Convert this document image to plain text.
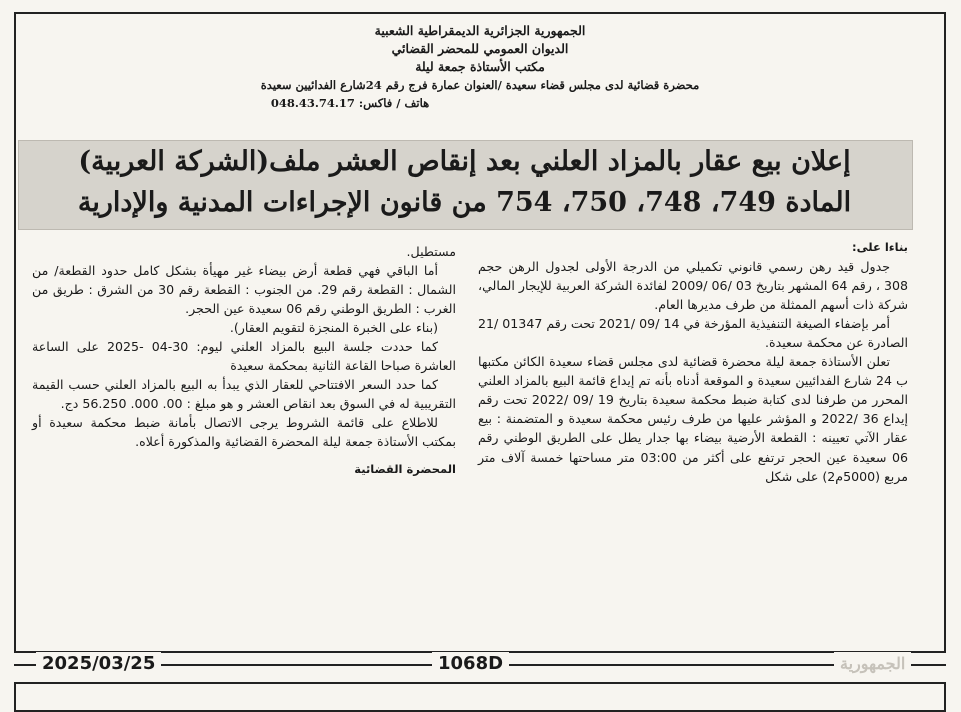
الجمهورية الجزائرية الديمقراطية الشعبية
الديوان العمومي للمحضر القضائي
مكتب الأستاذة جمعة ليلة
محضرة قضائية لدى مجلس قضاء سعيدة /العنوان عمارة فرج رقم 24شارع الفدائيين سعيدة
هاتف / فاكس: 048.43.74.17
إعلان بيع عقار بالمزاد العلني بعد إنقاص العشر ملف(الشركة العربية)
المادة 749، 748، 750، 754 من قانون الإجراءات المدنية والإدارية

بناءا على:

جدول قيد رهن رسمي قانوني تكميلي من الدرجة الأولى لجدول الرهن حجم 308 ، رقم 64 المشهر بتاريخ 03 /06 /2009 لفائدة الشركة العربية للإيجار المالي، شركة ذات أسهم الممثلة من طرف مديرها العام.

أمر بإضفاء الصيغة التنفيذية المؤرخة في 14 /09 /2021 تحت رقم 01347 /21 الصادرة عن محكمة سعيدة.

تعلن الأستاذة جمعة ليلة محضرة قضائية لدى مجلس قضاء سعيدة الكائن مكتبها ب 24 شارع الفدائيين سعيدة و الموقعة أدناه بأنه تم إيداع قائمة البيع بالمزاد العلني المحرر من طرفنا لدى كتابة ضبط محكمة سعيدة بتاريخ 19 /09 /2022 تحت رقم إيداع 36 /2022 و المؤشر عليها من طرف رئيس محكمة سعيدة و المتضمنة : بيع عقار الآتي تعيينه : القطعة الأرضية بيضاء بها جدار يطل على الطريق الوطني رقم 06 سعيدة عين الحجر ترتفع على أكثر من 03:00 متر مساحتها خمسة آلاف متر مربع (5000م2) على شكل

مستطيل.

أما الباقي فهي قطعة أرض بيضاء غير مهيأة بشكل كامل حدود القطعة/ من الشمال : القطعة رقم 29. من الجنوب : القطعة رقم 30 من الشرق : طريق من الغرب : الطريق الوطني رقم 06 سعيدة عين الحجر.

(بناء على الخبرة المنجزة لتقويم العقار).

كما حددت جلسة البيع بالمزاد العلني ليوم: 30-04 -2025 على الساعة العاشرة صباحا القاعة الثانية بمحكمة سعيدة

كما حدد السعر الافتتاحي للعقار الذي يبدأ به البيع بالمزاد العلني حسب القيمة التقريبية له في السوق بعد انقاص العشر و هو مبلغ : 00. 000. 56.250 دج.

للاطلاع على قائمة الشروط يرجى الاتصال بأمانة ضبط محكمة سعيدة أو بمكتب الأستاذة جمعة ليلة المحضرة القضائية والمذكورة أعلاه.

المحضرة القضائية

2025/03/25	1068D	الجمهورية
